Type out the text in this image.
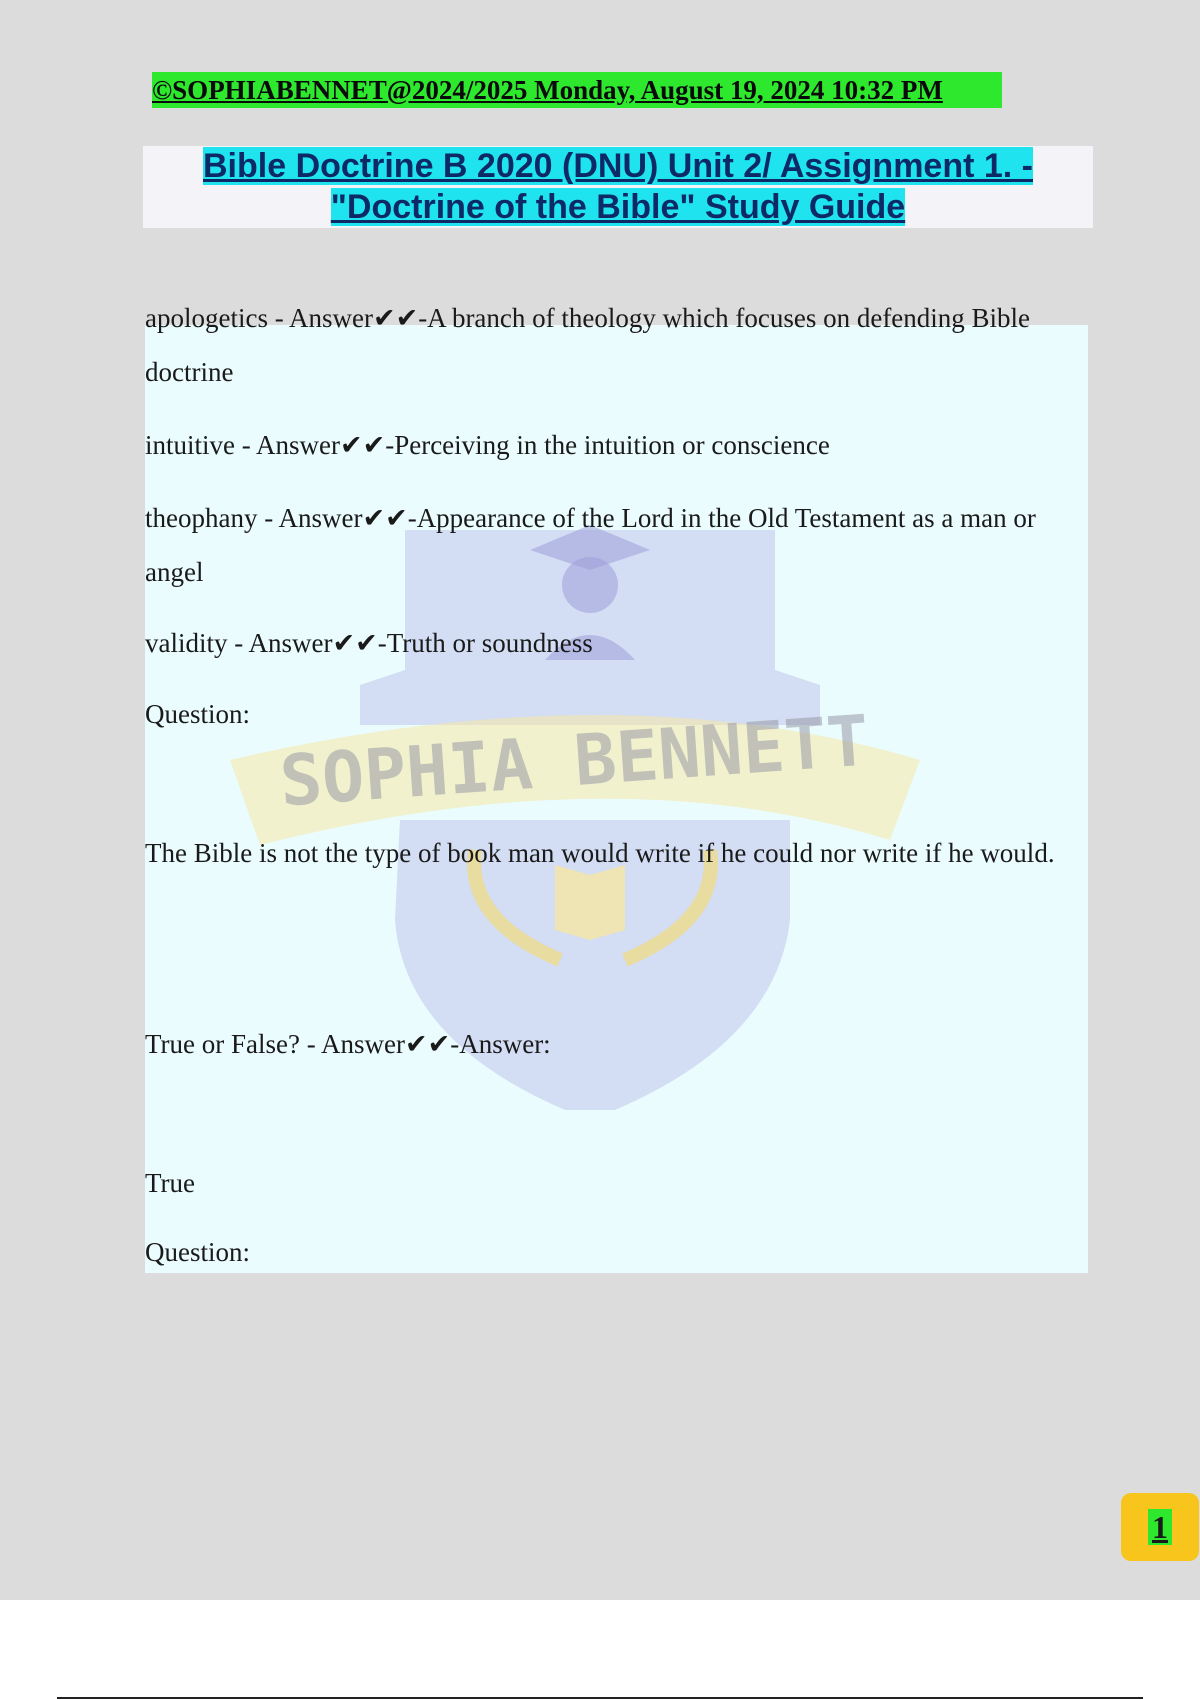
©SOPHIABENNET@2024/2025 Monday, August 19, 2024 10:32 PM
Bible Doctrine B 2020 (DNU) Unit 2/ Assignment 1. -
"Doctrine of the Bible" Study Guide
SOPHIA BENNETT
apologetics - Answer✔✔-A branch of theology which focuses on defending Bible doctrine
intuitive - Answer✔✔-Perceiving in the intuition or conscience
theophany - Answer✔✔-Appearance of the Lord in the Old Testament as a man or angel
validity - Answer✔✔-Truth or soundness
Question:
The Bible is not the type of book man would write if he could nor write if he would.
True or False? - Answer✔✔-Answer:
True
Question:
1
